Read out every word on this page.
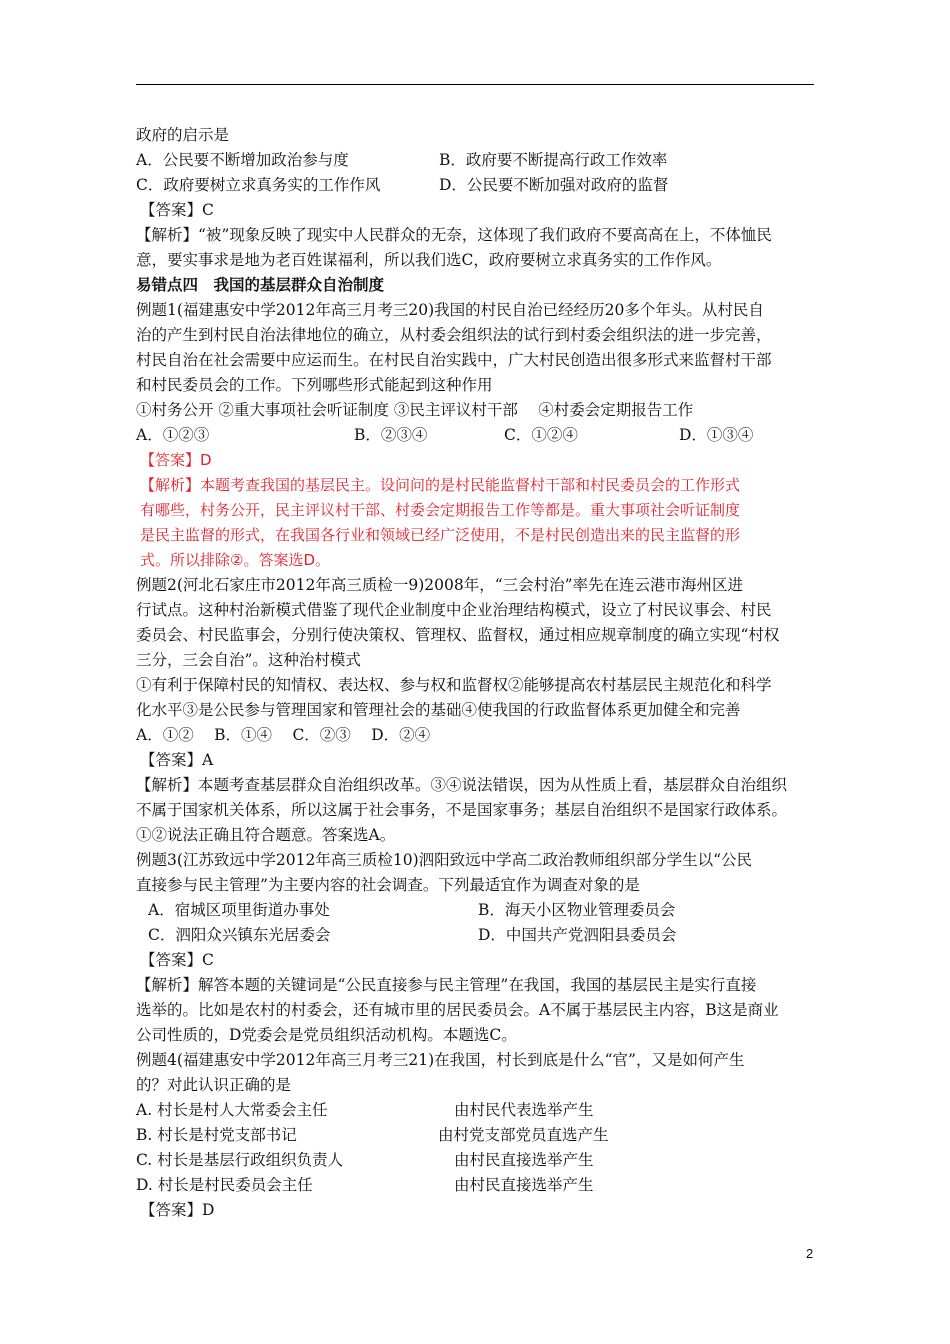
政府的启示是

A．公民要不断增加政治参与度	B．政府要不断提高行政工作效率
C．政府要树立求真务实的工作作风	D．公民要不断加强对政府的监督

【答案】C

【解析】“被”现象反映了现实中人民群众的无奈，这体现了我们政府不要高高在上，不体恤民

意，要实事求是地为老百姓谋福利，所以我们选C，政府要树立求真务实的工作作风。

易错点四　我国的基层群众自治制度

例题1(福建惠安中学2012年高三月考三20)我国的村民自治已经经历20多个年头。从村民自

治的产生到村民自治法律地位的确立，从村委会组织法的试行到村委会组织法的进一步完善，

村民自治在社会需要中应运而生。在村民自治实践中，广大村民创造出很多形式来监督村干部

和村民委员会的工作。下列哪些形式能起到这种作用

①村务公开 ②重大事项社会听证制度 ③民主评议村干部 　④村委会定期报告工作

A．①②③	B．②③④	C．①②④	D．①③④

【答案】D

【解析】本题考查我国的基层民主。设问问的是村民能监督村干部和村民委员会的工作形式

有哪些，村务公开，民主评议村干部、村委会定期报告工作等都是。重大事项社会听证制度

是民主监督的形式，在我国各行业和领域已经广泛使用，不是村民创造出来的民主监督的形

式。所以排除②。答案选D。

例题2(河北石家庄市2012年高三质检一9)2008年，“三会村治”率先在连云港市海州区进

行试点。这种村治新模式借鉴了现代企业制度中企业治理结构模式，设立了村民议事会、村民

委员会、村民监事会，分别行使决策权、管理权、监督权，通过相应规章制度的确立实现“村权

三分，三会自治”。这种治村模式

①有利于保障村民的知情权、表达权、参与权和监督权②能够提高农村基层民主规范化和科学

化水平③是公民参与管理国家和管理社会的基础④使我国的行政监督体系更加健全和完善

A．①②　 B．①④　 C．②③　 D．②④

【答案】A

【解析】本题考查基层群众自治组织改革。③④说法错误，因为从性质上看，基层群众自治组织

不属于国家机关体系，所以这属于社会事务，不是国家事务；基层自治组织不是国家行政体系。

①②说法正确且符合题意。答案选A。

例题3(江苏致远中学2012年高三质检10)泗阳致远中学高二政治教师组织部分学生以“公民

直接参与民主管理”为主要内容的社会调查。下列最适宜作为调查对象的是

A．宿城区项里街道办事处	B．海天小区物业管理委员会
C．泗阳众兴镇东光居委会	D．中国共产党泗阳县委员会

【答案】C

【解析】解答本题的关键词是“公民直接参与民主管理”在我国，我国的基层民主是实行直接

选举的。比如是农村的村委会，还有城市里的居民委员会。A不属于基层民主内容，B这是商业

公司性质的，D党委会是党员组织活动机构。本题选C。

例题4(福建惠安中学2012年高三月考三21)在我国，村长到底是什么“官”，又是如何产生

的？对此认识正确的是

A. 村长是村人大常委会主任	由村民代表选举产生
B. 村长是村党支部书记	由村党支部党员直选产生
C. 村长是基层行政组织负责人	由村民直接选举产生
D. 村长是村民委员会主任	由村民直接选举产生

【答案】D

2
